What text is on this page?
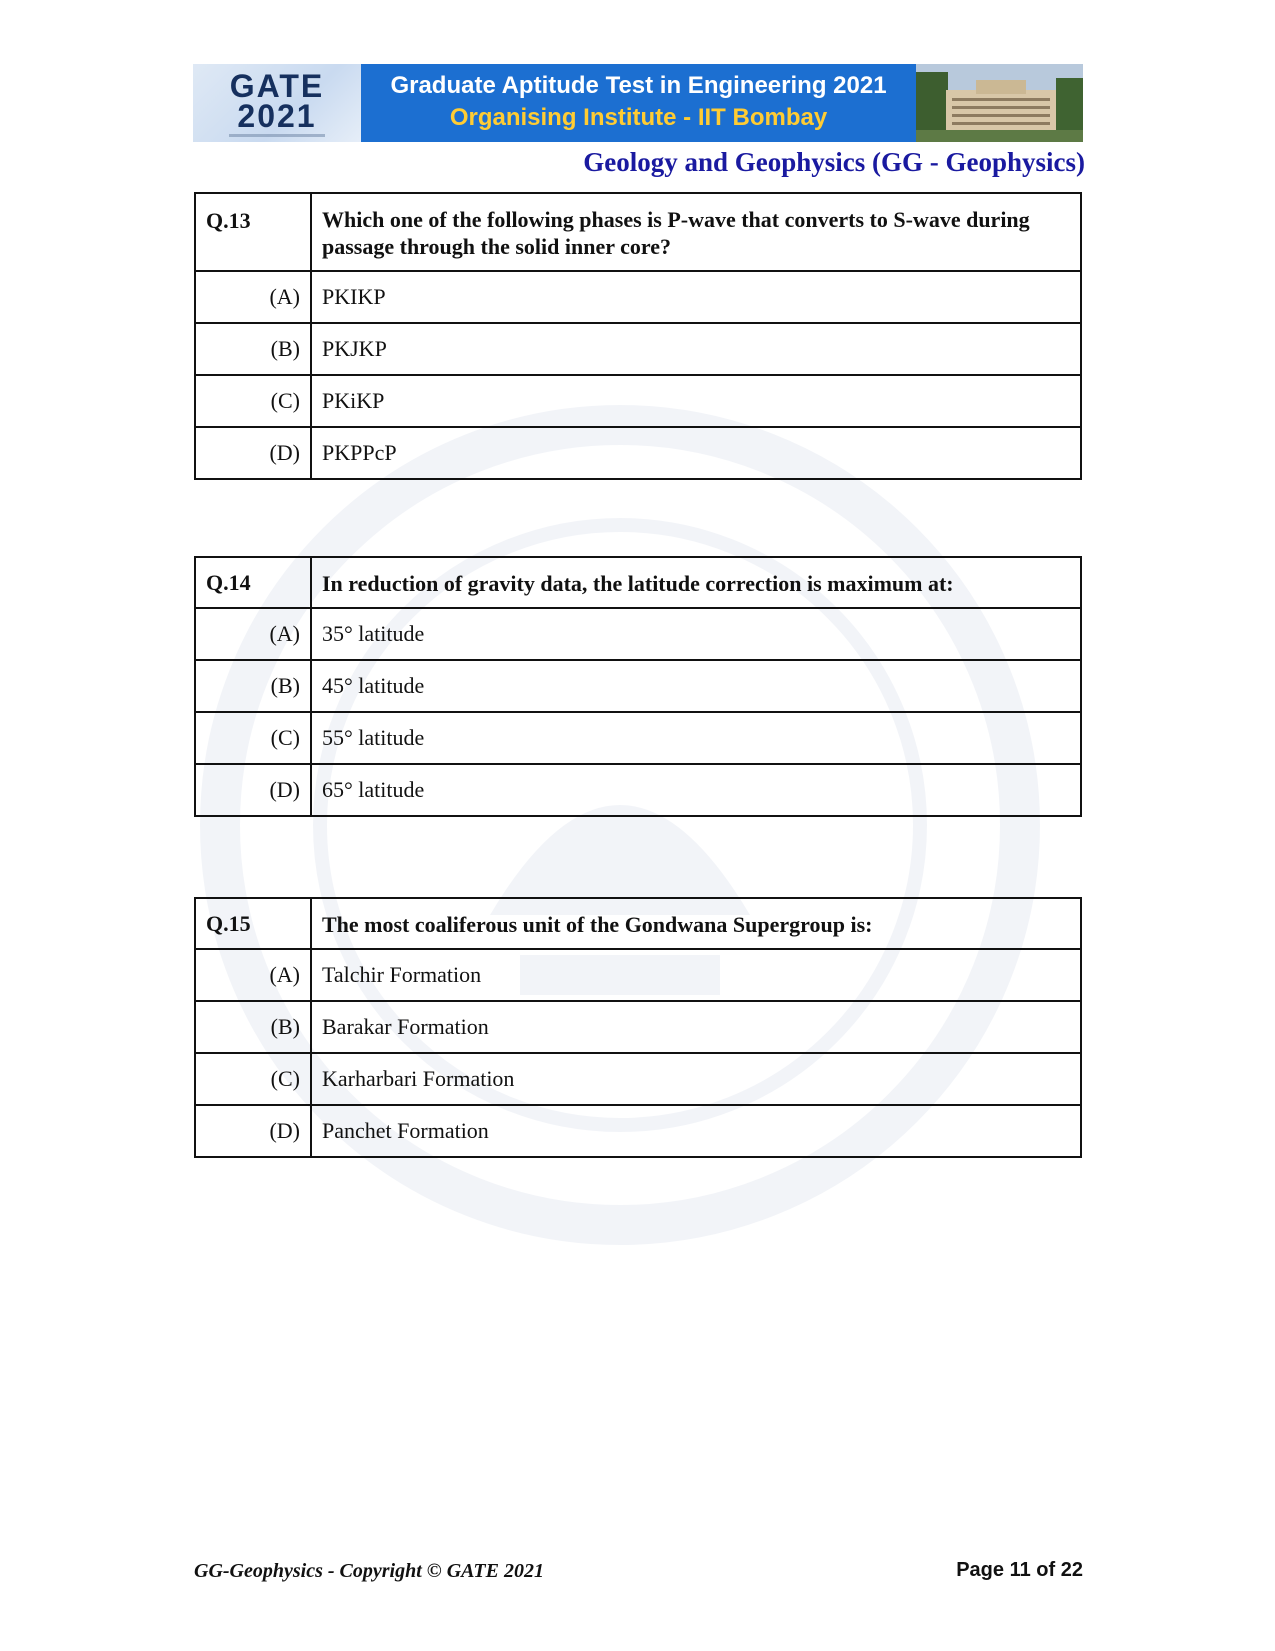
GATE
2021
Graduate Aptitude Test in Engineering 2021
Organising Institute - IIT Bombay
Geology and Geophysics (GG - Geophysics)
Q.13	Which one of the following phases is P-wave that converts to S-wave during passage through the solid inner core?
(A)	PKIKP
(B)	PKJKP
(C)	PKiKP
(D)	PKPPcP
Q.14	In reduction of gravity data, the latitude correction is maximum at:
(A)	35° latitude
(B)	45° latitude
(C)	55° latitude
(D)	65° latitude
Q.15	The most coaliferous unit of the Gondwana Supergroup is:
(A)	Talchir Formation
(B)	Barakar Formation
(C)	Karharbari Formation
(D)	Panchet Formation
GG-Geophysics - Copyright © GATE 2021	Page 11 of 22
